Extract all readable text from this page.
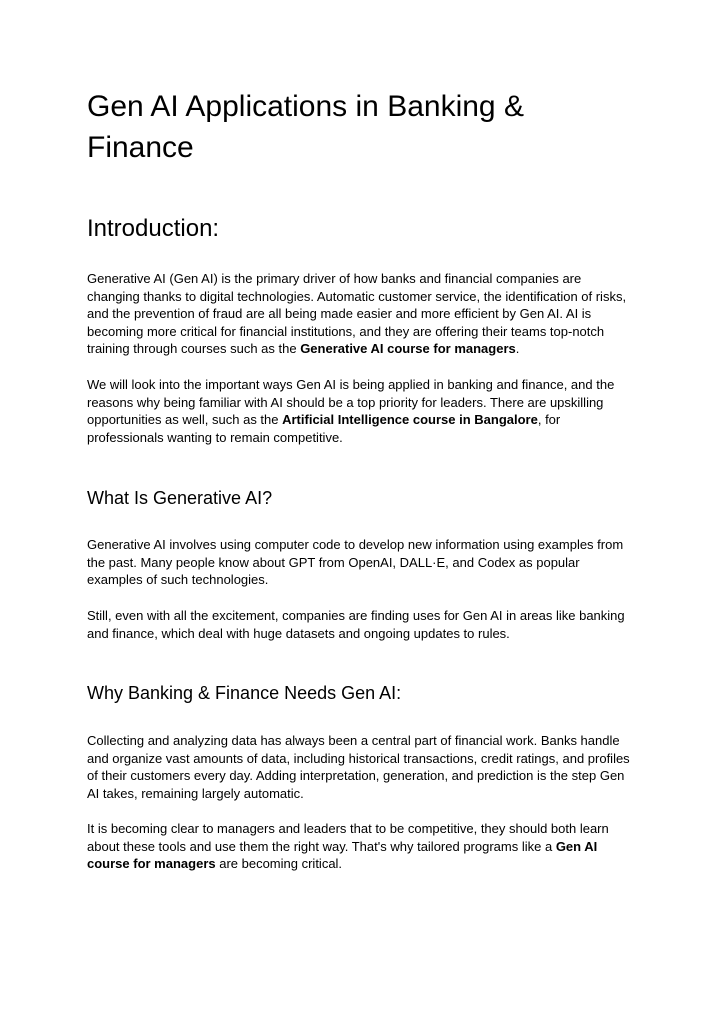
Gen AI Applications in Banking & Finance
Introduction:

Generative AI (Gen AI) is the primary driver of how banks and financial companies are changing thanks to digital technologies. Automatic customer service, the identification of risks, and the prevention of fraud are all being made easier and more efficient by Gen AI. AI is becoming more critical for financial institutions, and they are offering their teams top-notch training through courses such as the Generative AI course for managers.

We will look into the important ways Gen AI is being applied in banking and finance, and the reasons why being familiar with AI should be a top priority for leaders. There are upskilling opportunities as well, such as the Artificial Intelligence course in Bangalore, for professionals wanting to remain competitive.

What Is Generative AI?

Generative AI involves using computer code to develop new information using examples from the past. Many people know about GPT from OpenAI, DALL·E, and Codex as popular examples of such technologies.

Still, even with all the excitement, companies are finding uses for Gen AI in areas like banking and finance, which deal with huge datasets and ongoing updates to rules.

Why Banking & Finance Needs Gen AI:

Collecting and analyzing data has always been a central part of financial work. Banks handle and organize vast amounts of data, including historical transactions, credit ratings, and profiles of their customers every day. Adding interpretation, generation, and prediction is the step Gen AI takes, remaining largely automatic.

It is becoming clear to managers and leaders that to be competitive, they should both learn about these tools and use them the right way. That's why tailored programs like a Gen AI course for managers are becoming critical.
